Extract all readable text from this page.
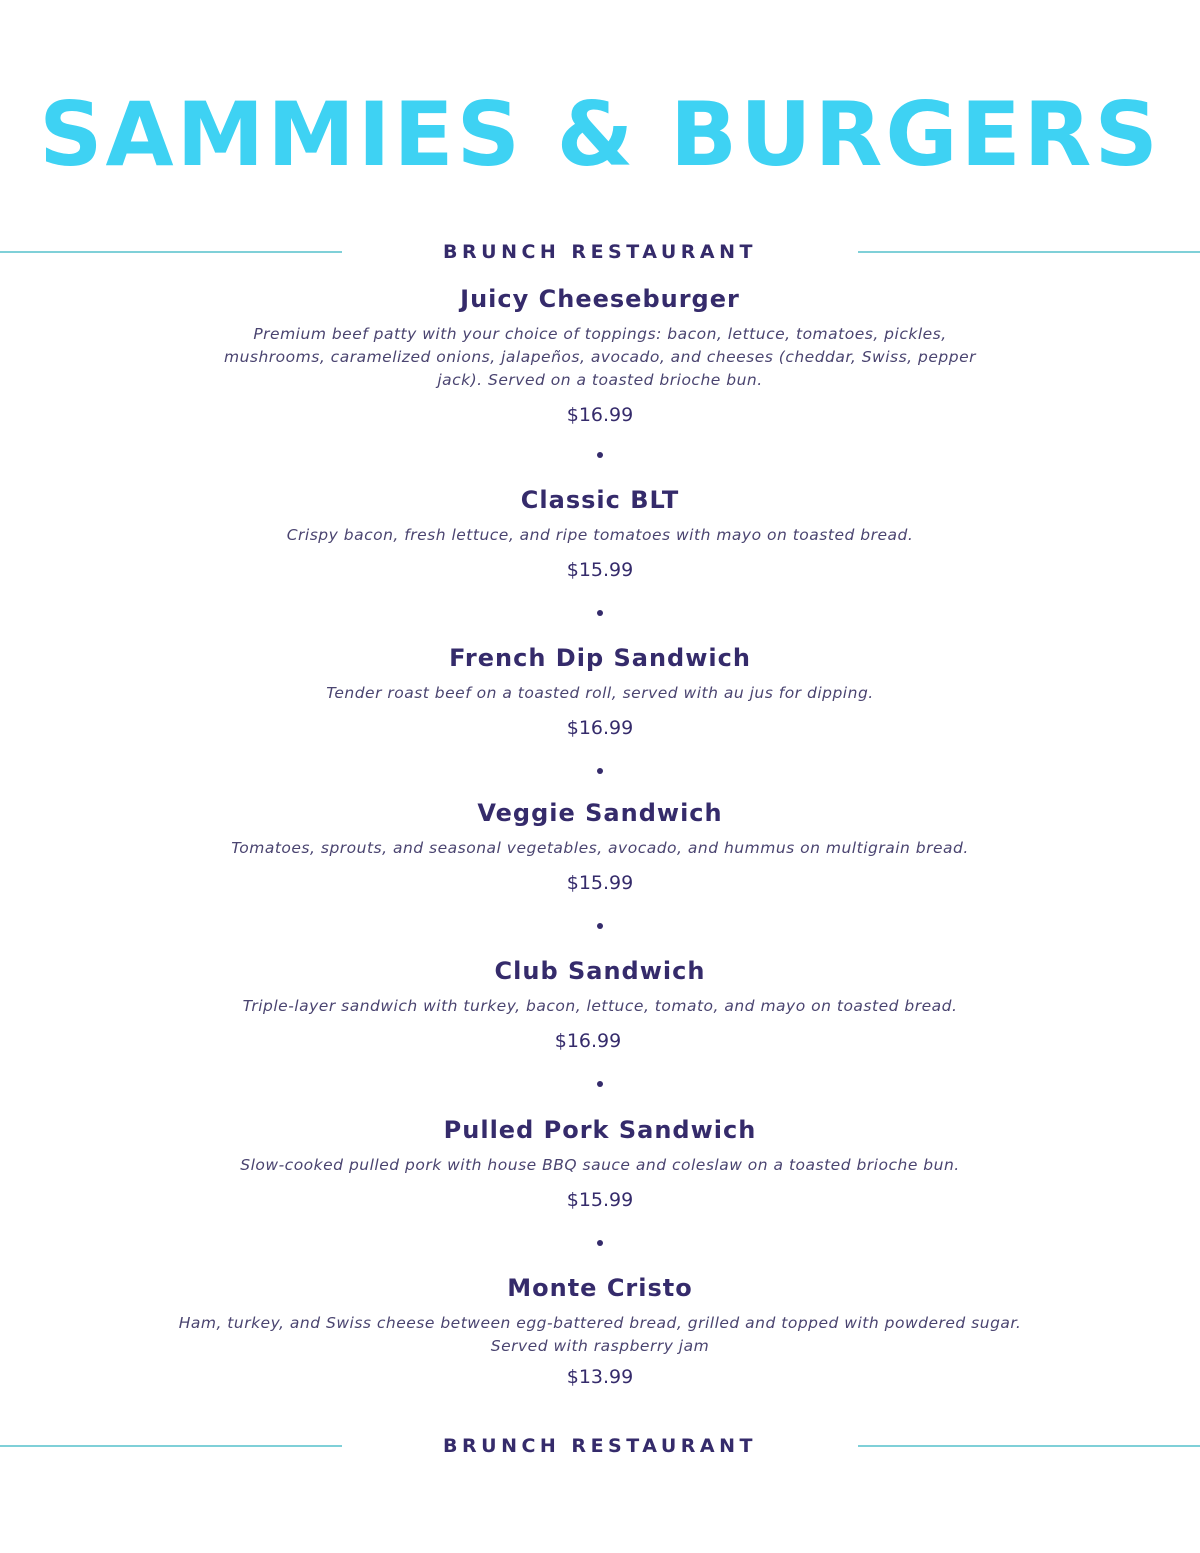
SAMMIES & BURGERS
BRUNCH RESTAURANT
Juicy Cheeseburger

Premium beef patty with your choice of toppings: bacon, lettuce, tomatoes, pickles, mushrooms, caramelized onions, jalapeños, avocado, and cheeses (cheddar, Swiss, pepper jack). Served on a toasted brioche bun.

$16.99

Classic BLT

Crispy bacon, fresh lettuce, and ripe tomatoes with mayo on toasted bread.

$15.99

French Dip Sandwich

Tender roast beef on a toasted roll, served with au jus for dipping.

$16.99

Veggie Sandwich

Tomatoes, sprouts, and seasonal vegetables, avocado, and hummus on multigrain bread.

$15.99

Club Sandwich

Triple-layer sandwich with turkey, bacon, lettuce, tomato, and mayo on toasted bread.

$16.99

Pulled Pork Sandwich

Slow-cooked pulled pork with house BBQ sauce and coleslaw on a toasted brioche bun.

$15.99

Monte Cristo

Ham, turkey, and Swiss cheese between egg-battered bread, grilled and topped with powdered sugar. Served with raspberry jam

$13.99

BRUNCH RESTAURANT
